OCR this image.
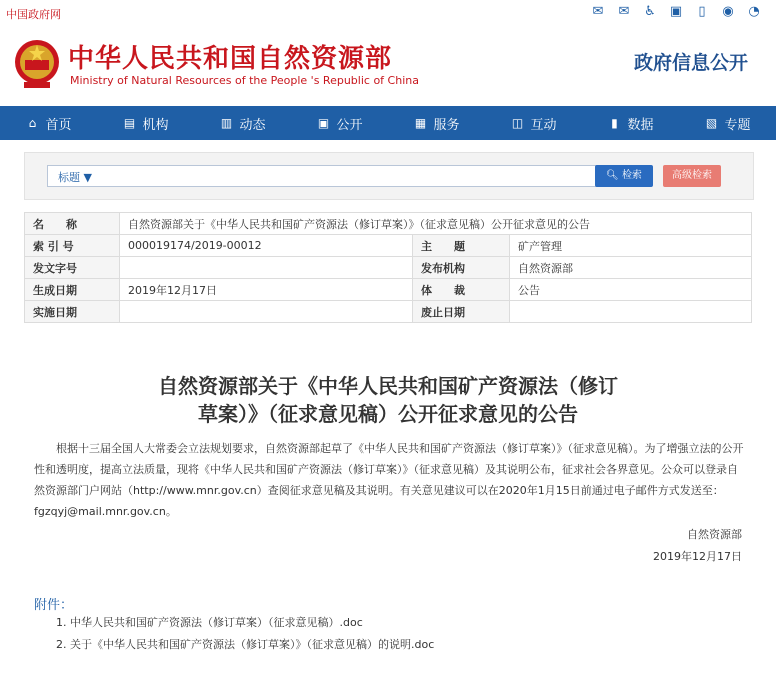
中国政府网	✉ ✉ ♿ ▣	▯	◉ ◔
中华人民共和国自然资源部
Ministry of Natural Resources of the People 's Republic of China
政府信息公开
⌂ 首页	▤ 机构	▥ 动态	▣ 公开	▦ 服务	◫ 互动	▮ 数据	▧ 专题
标题 ▼	🔍︎ 检索	高级检索
名　　称	自然资源部关于《中华人民共和国矿产资源法（修订草案）》（征求意见稿）公开征求意见的公告		
索 引 号	000019174/2019-00012	主　　题	矿产管理
发文字号		发布机构	自然资源部
生成日期	2019年12月17日	体　　裁	公告
实施日期		废止日期	
自然资源部关于《中华人民共和国矿产资源法（修订
草案）》（征求意见稿）公开征求意见的公告

　　根据十三届全国人大常委会立法规划要求，自然资源部起草了《中华人民共和国矿产资源法（修订草案）》（征求意见稿）。为了增强立法的公开性和透明度，提高立法质量，现将《中华人民共和国矿产资源法（修订草案）》（征求意见稿）及其说明公布，征求社会各界意见。公众可以登录自然资源部门户网站（http://www.mnr.gov.cn）查阅征求意见稿及其说明。有关意见建议可以在2020年1月15日前通过电子邮件方式发送至：

fgzqyj@mail.mnr.gov.cn。

自然资源部
2019年12月17日
附件：
1. 中华人民共和国矿产资源法（修订草案）（征求意见稿）.doc
2. 关于《中华人民共和国矿产资源法（修订草案）》（征求意见稿）的说明.doc
